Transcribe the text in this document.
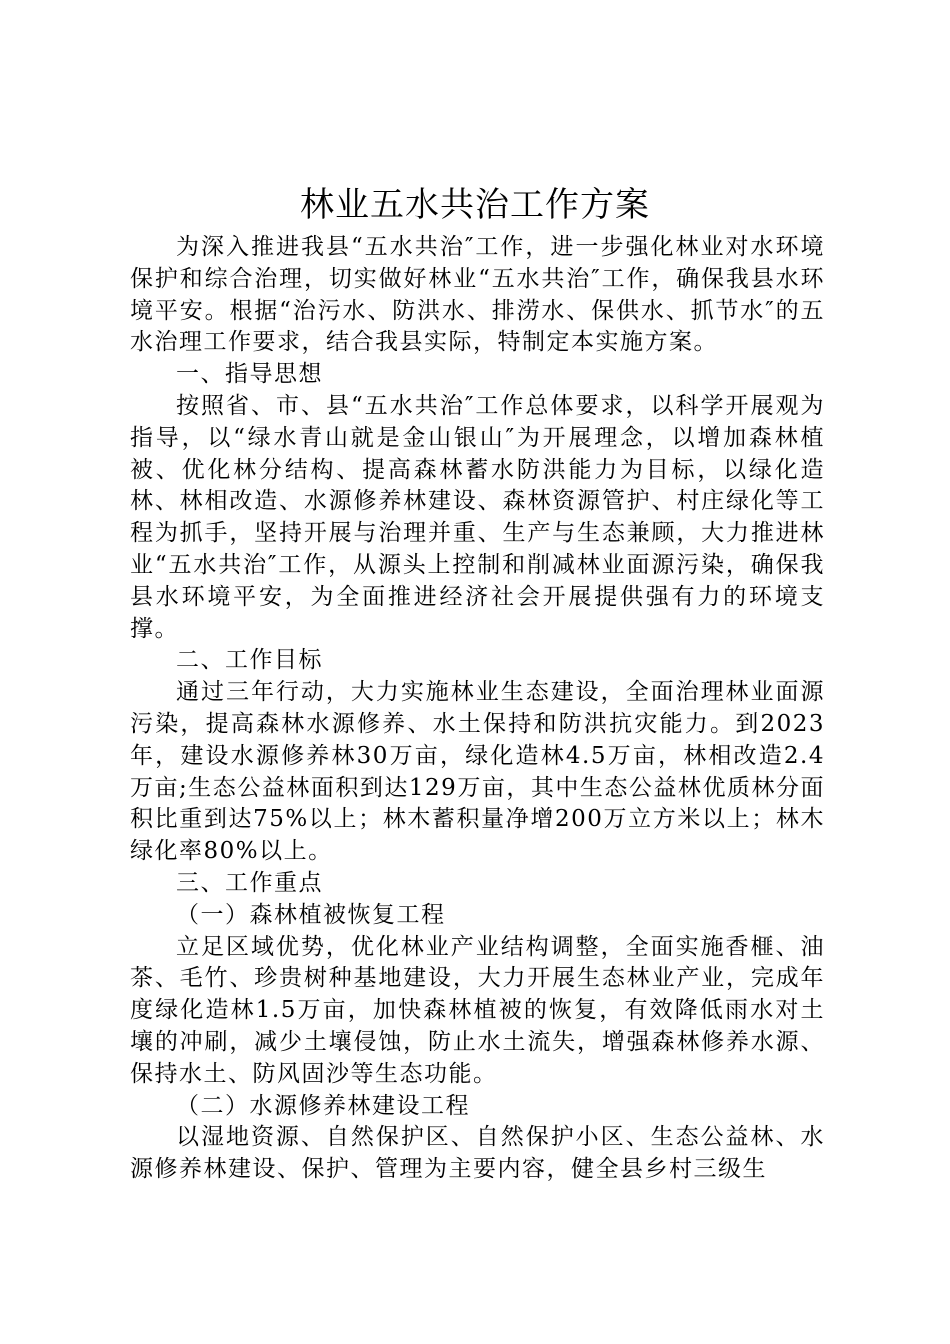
林业五水共治工作方案

为深入推进我县“五水共治″工作，进一步强化林业对水环境保护和综合治理，切实做好林业“五水共治″工作，确保我县水环境平安。根据“治污水、防洪水、排涝水、保供水、抓节水″的五水治理工作要求，结合我县实际，特制定本实施方案。

一、指导思想

按照省、市、县“五水共治″工作总体要求，以科学开展观为指导，以“绿水青山就是金山银山″为开展理念，以增加森林植被、优化林分结构、提高森林蓄水防洪能力为目标，以绿化造林、林相改造、水源修养林建设、森林资源管护、村庄绿化等工程为抓手，坚持开展与治理并重、生产与生态兼顾，大力推进林业“五水共治″工作，从源头上控制和削减林业面源污染，确保我县水环境平安，为全面推进经济社会开展提供强有力的环境支撑。

二、工作目标

通过三年行动，大力实施林业生态建设，全面治理林业面源污染，提高森林水源修养、水土保持和防洪抗灾能力。到2023年，建设水源修养林30万亩，绿化造林4.5万亩，林相改造2.4万亩;生态公益林面积到达129万亩，其中生态公益林优质林分面积比重到达75%以上；林木蓄积量净增200万立方米以上；林木绿化率80%以上。

三、工作重点

（一）森林植被恢复工程

立足区域优势，优化林业产业结构调整，全面实施香榧、油茶、毛竹、珍贵树种基地建设，大力开展生态林业产业，完成年度绿化造林1.5万亩，加快森林植被的恢复，有效降低雨水对土壤的冲刷，减少土壤侵蚀，防止水土流失，增强森林修养水源、保持水土、防风固沙等生态功能。

（二）水源修养林建设工程

以湿地资源、自然保护区、自然保护小区、生态公益林、水源修养林建设、保护、管理为主要内容，健全县乡村三级生
